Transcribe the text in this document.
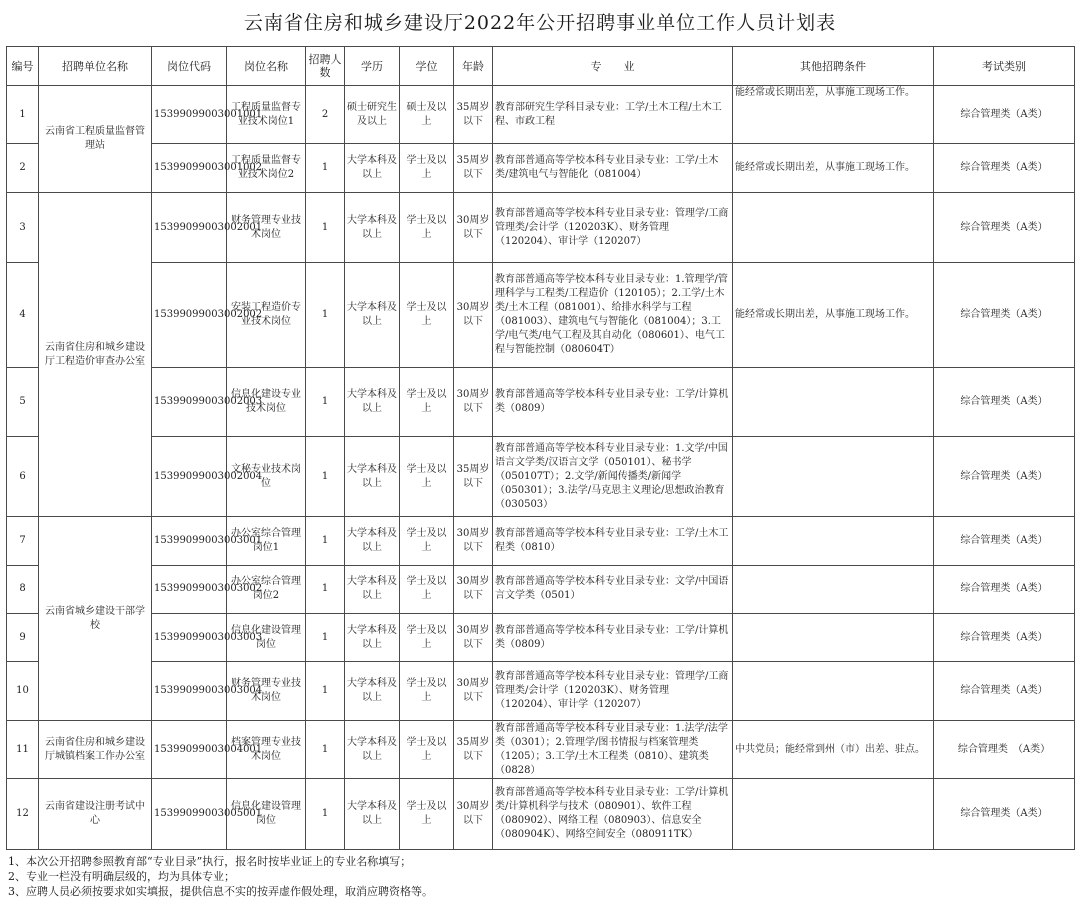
云南省住房和城乡建设厅2022年公开招聘事业单位工作人员计划表
编号	招聘单位名称	岗位代码	岗位名称	招聘人数	学历	学位	年龄	专　　业	其他招聘条件	考试类别
1	云南省工程质量监督管理站	15399099003001001	工程质量监督专业技术岗位1	2	硕士研究生及以上	硕士及以上	35周岁以下	教育部研究生学科目录专业：工学/土木工程/土木工程、市政工程	能经常或长期出差，从事施工现场工作。	综合管理类（A类）
2		15399099003001002	工程质量监督专业技术岗位2	1	大学本科及以上	学士及以上	35周岁以下	教育部普通高等学校本科专业目录专业：工学/土木类/建筑电气与智能化（081004）	能经常或长期出差，从事施工现场工作。	综合管理类（A类）
3	云南省住房和城乡建设厅工程造价审查办公室	15399099003002001	财务管理专业技术岗位	1	大学本科及以上	学士及以上	30周岁以下	教育部普通高等学校本科专业目录专业：管理学/工商管理类/会计学（120203K）、财务管理（120204）、审计学（120207）		综合管理类（A类）
4		15399099003002002	安装工程造价专业技术岗位	1	大学本科及以上	学士及以上	30周岁以下	教育部普通高等学校本科专业目录专业：1.管理学/管理科学与工程类/工程造价（120105）；2.工学/土木类/土木工程（081001）、给排水科学与工程（081003）、建筑电气与智能化（081004）；3.工学/电气类/电气工程及其自动化（080601）、电气工程与智能控制（080604T）	能经常或长期出差，从事施工现场工作。	综合管理类（A类）
5		15399099003002003	信息化建设专业技术岗位	1	大学本科及以上	学士及以上	30周岁以下	教育部普通高等学校本科专业目录专业：工学/计算机类（0809）		综合管理类（A类）
6		15399099003002004	文秘专业技术岗位	1	大学本科及以上	学士及以上	35周岁以下	教育部普通高等学校本科专业目录专业：1.文学/中国语言文学类/汉语言文学（050101）、秘书学（050107T）；2.文学/新闻传播类/新闻学（050301）；3.法学/马克思主义理论/思想政治教育（030503）		综合管理类（A类）
7	云南省城乡建设干部学校	15399099003003001	办公室综合管理岗位1	1	大学本科及以上	学士及以上	30周岁以下	教育部普通高等学校本科专业目录专业：工学/土木工程类（0810）		综合管理类（A类）
8		15399099003003002	办公室综合管理岗位2	1	大学本科及以上	学士及以上	30周岁以下	教育部普通高等学校本科专业目录专业：文学/中国语言文学类（0501）		综合管理类（A类）
9		15399099003003003	信息化建设管理岗位	1	大学本科及以上	学士及以上	30周岁以下	教育部普通高等学校本科专业目录专业：工学/计算机类（0809）		综合管理类（A类）
10		15399099003003004	财务管理专业技术岗位	1	大学本科及以上	学士及以上	30周岁以下	教育部普通高等学校本科专业目录专业：管理学/工商管理类/会计学（120203K）、财务管理（120204）、审计学（120207）		综合管理类（A类）
11	云南省住房和城乡建设厅城镇档案工作办公室	15399099003004001	档案管理专业技术岗位	1	大学本科及以上	学士及以上	35周岁以下	教育部普通高等学校本科专业目录专业：1.法学/法学类（0301）；2.管理学/图书情报与档案管理类（1205）；3.工学/土木工程类（0810）、建筑类（0828）	中共党员；能经常到州（市）出差、驻点。	综合管理类　（A类）
12	云南省建设注册考试中心	15399099003005001	信息化建设管理岗位	1	大学本科及以上	学士及以上	30周岁以下	教育部普通高等学校本科专业目录专业：工学/计算机类/计算机科学与技术（080901）、软件工程（080902）、网络工程（080903）、信息安全（080904K）、网络空间安全（080911TK）		综合管理类（A类）
1、本次公开招聘参照教育部“专业目录”执行，报名时按毕业证上的专业名称填写；
2、专业一栏没有明确层级的，均为具体专业；
3、应聘人员必须按要求如实填报，提供信息不实的按弄虚作假处理，取消应聘资格等。
